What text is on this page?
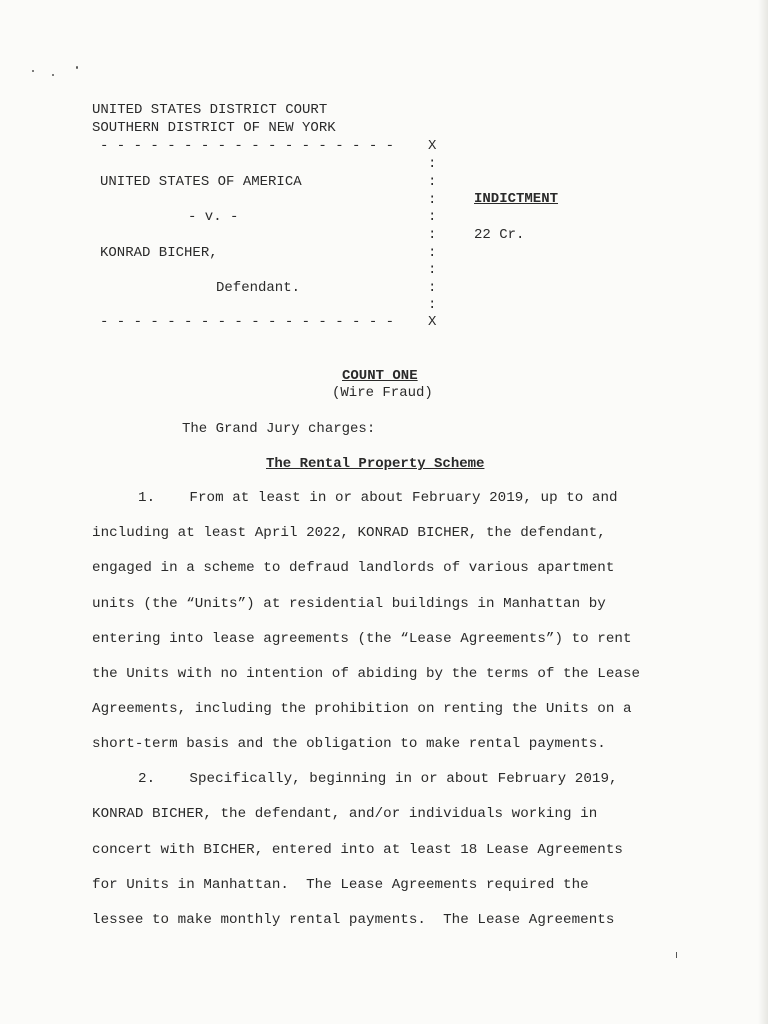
UNITED STATES DISTRICT COURT
SOUTHERN DISTRICT OF NEW YORK
- - - - - - - - - - - - - - - - - - X
UNITED STATES OF AMERICA
- v. -
KONRAD BICHER,
Defendant.
- - - - - - - - - - - - - - - - - - X
:
:
:
:
:
:
:
:
:
INDICTMENT
22 Cr.
COUNT ONE
(Wire Fraud)
The Grand Jury charges:
The Rental Property Scheme
1.    From at least in or about February 2019, up to and
including at least April 2022, KONRAD BICHER, the defendant,
engaged in a scheme to defraud landlords of various apartment
units (the “Units”) at residential buildings in Manhattan by
entering into lease agreements (the “Lease Agreements”) to rent
the Units with no intention of abiding by the terms of the Lease
Agreements, including the prohibition on renting the Units on a
short-term basis and the obligation to make rental payments.
2.    Specifically, beginning in or about February 2019,
KONRAD BICHER, the defendant, and/or individuals working in
concert with BICHER, entered into at least 18 Lease Agreements
for Units in Manhattan.  The Lease Agreements required the
lessee to make monthly rental payments.  The Lease Agreements
